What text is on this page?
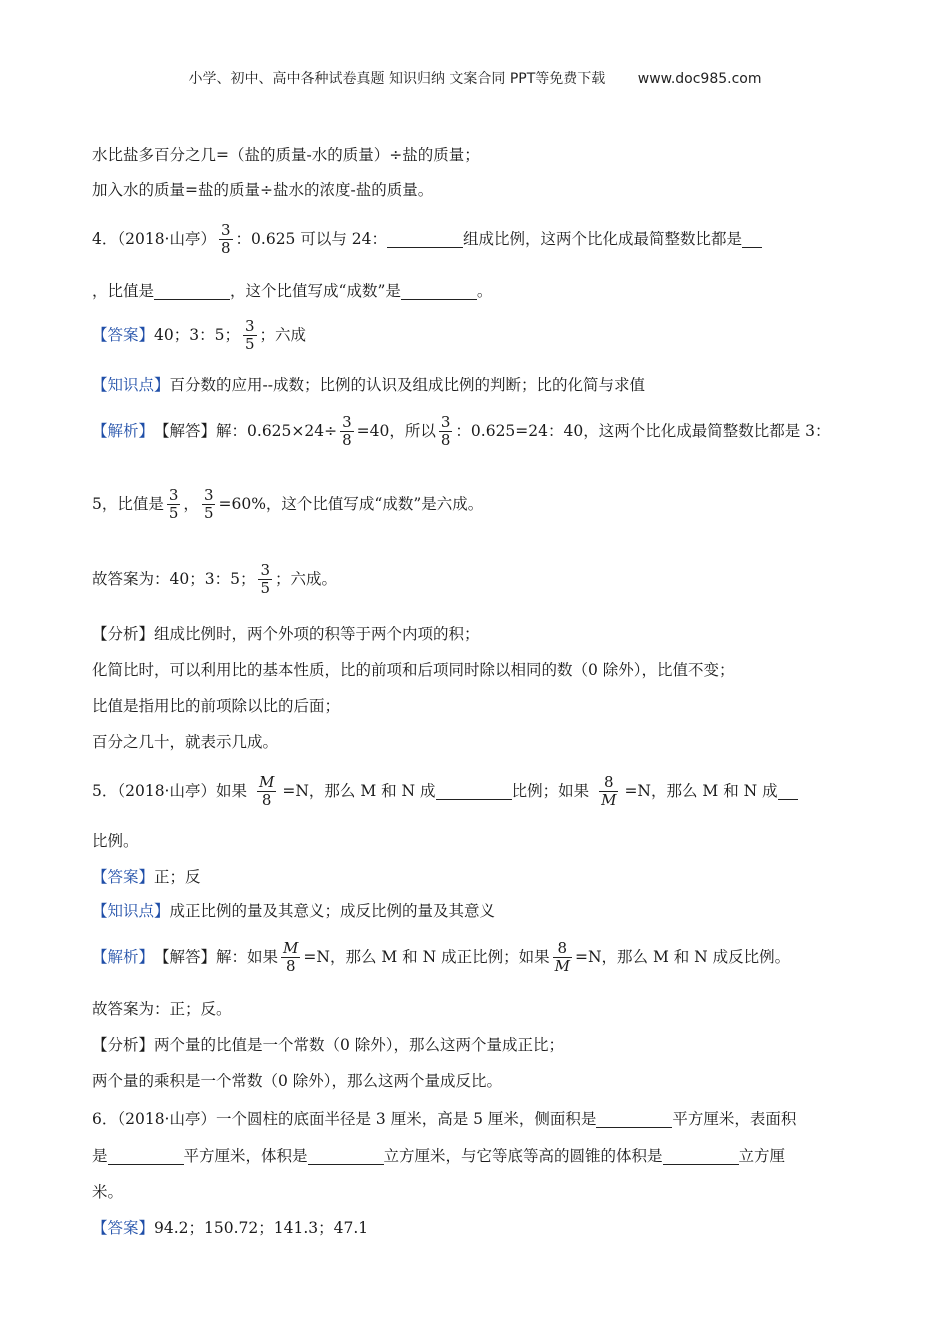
小学、初中、高中各种试卷真题 知识归纳 文案合同 PPT等免费下载 www.doc985.com
水比盐多百分之几=（盐的质量-水的质量）÷盐的质量；
加入水的质量=盐的质量÷盐水的浓度-盐的质量。
4．（2018·山亭） $\frac{3}{8}$ ：0.625 可以与 24：	组成比例，这两个比化成最简整数比都是
，比值是	，这个比值写成“成数”是	。
【答案】 40；3：5； $\frac{3}{5}$ ；六成
【知识点】 百分数的应用--成数；比例的认识及组成比例的判断；比的化简与求值
【解析】 【解答】 解：$0.625\times 24\div \frac{3}{8} =40$，所以 $\frac{3}{8}$ ：0.625=24：40，这两个比化成最简整数比都是 3：
5，比值是 $\frac{3}{5}$ ， $\frac{3}{5} =60\%$，这个比值写成“成数”是六成。
故答案为：40；3：5； $\frac{3}{5}$ ；六成。
【分析】组成比例时，两个外项的积等于两个内项的积；
化简比时，可以利用比的基本性质，比的前项和后项同时除以相同的数（0 除外），比值不变；
比值是指用比的前项除以比的后面；
百分之几十，就表示几成。
5．（2018·山亭）如果 $\frac{M}{8} =N$，那么 M 和 N 成	比例；如果 $\frac{8}{M} =N$，那么 M 和 N 成
比例。
【答案】 正；反
【知识点】 成正比例的量及其意义；成反比例的量及其意义
【解析】 【解答】 解：如果 $\frac{M}{8} =N$，那么 M 和 N 成正比例；如果 $\frac{8}{M} =N$，那么 M 和 N 成反比例。
故答案为：正；反。
【分析】两个量的比值是一个常数（0 除外），那么这两个量成正比；
两个量的乘积是一个常数（0 除外），那么这两个量成反比。
6．（2018·山亭）一个圆柱的底面半径是 3 厘米，高是 5 厘米，侧面积是	平方厘米，表面积
是	平方厘米，体积是	立方厘米，与它等底等高的圆锥的体积是	立方厘
米。
【答案】 94.2；150.72；141.3；47.1
